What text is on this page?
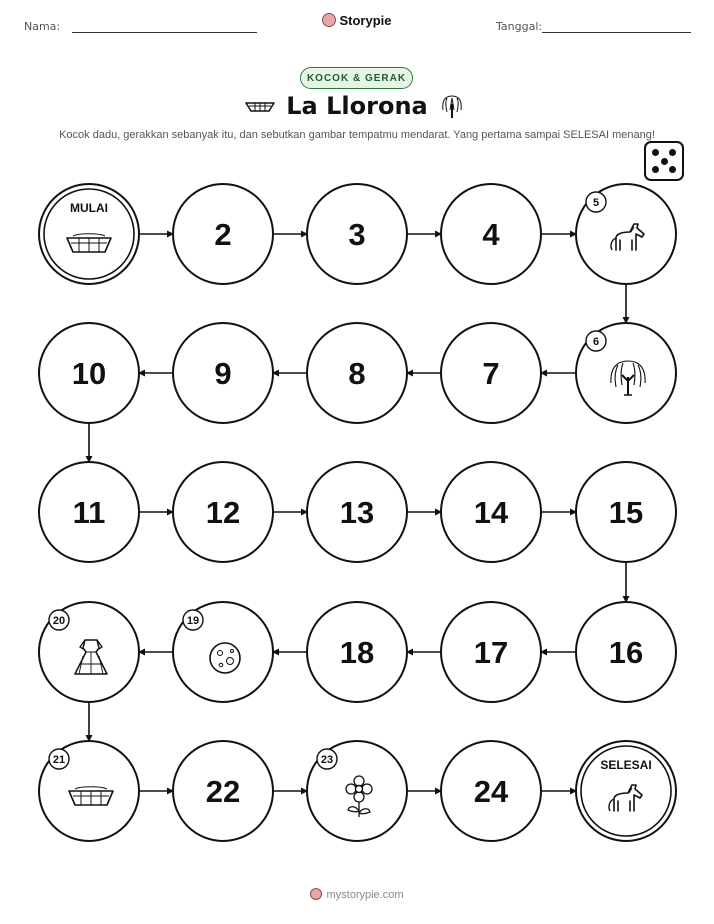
Nama:	Storypie	Tanggal:
KOCOK & GERAK
La Llorona
Kocok dadu, gerakkan sebanyak itu, dan sebutkan gambar tempatmu mendarat. Yang pertama sampai SELESAI menang!
MULAI
2	3	4
5
6
7
8
9
10
11	12	13	14	15
16
17
18
19
20
21
22
23
24
SELESAI
mystorypie.com
